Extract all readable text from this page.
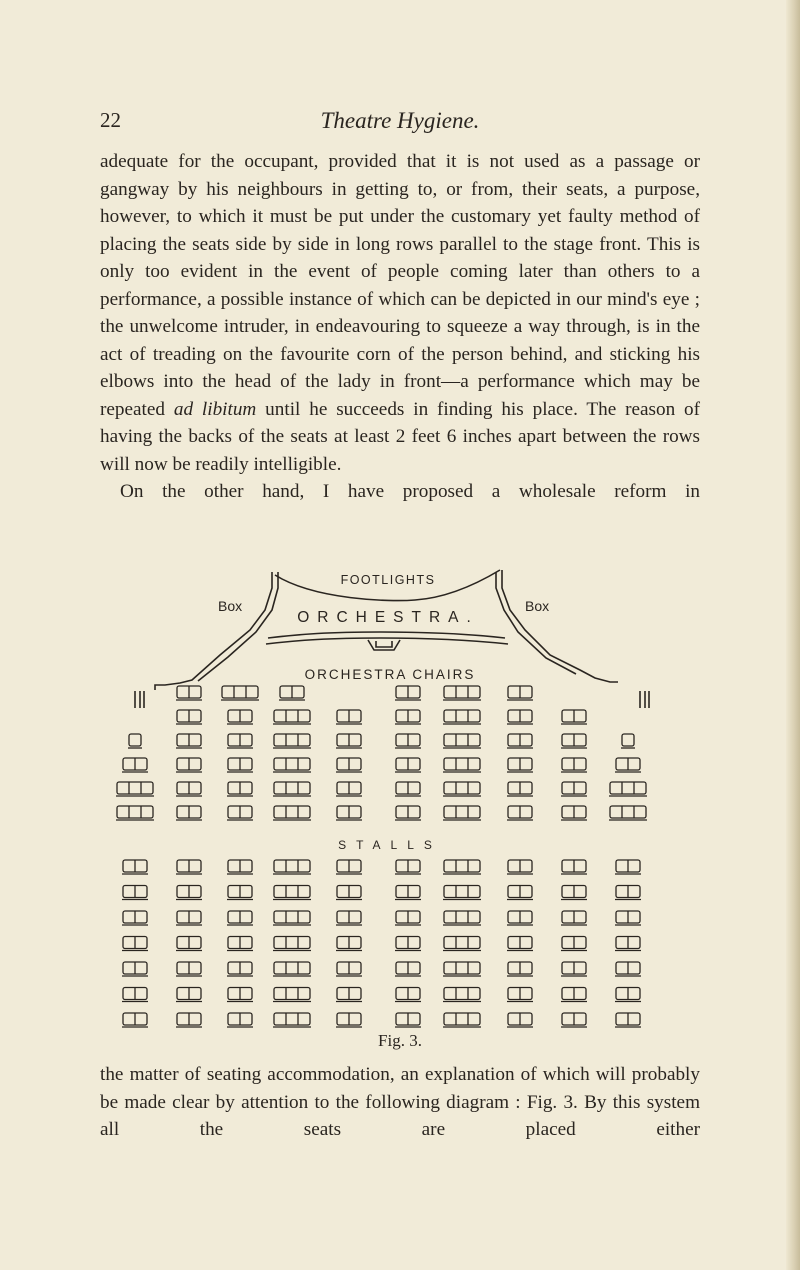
22	Theatre Hygiene.

adequate for the occupant, provided that it is not used as a passage or gangway by his neighbours in getting to, or from, their seats, a purpose, however, to which it must be put under the customary yet faulty method of placing the seats side by side in long rows parallel to the stage front. This is only too evident in the event of people coming later than others to a performance, a possible instance of which can be depicted in our mind's eye ; the unwelcome intruder, in endeavouring to squeeze a way through, is in the act of treading on the favourite corn of the person behind, and sticking his elbows into the head of the lady in front—a performance which may be repeated ad libitum until he succeeds in finding his place. The reason of having the backs of the seats at least 2 feet 6 inches apart between the rows will now be readily intelligible.

On the other hand, I have proposed a wholesale reform in

FOOTLIGHTS
ORCHESTRA.
Box	Box
ORCHESTRA CHAIRS
STALLS
Fig. 3.

the matter of seating accommodation, an explanation of which will probably be made clear by attention to the following diagram : Fig. 3. By this system all the seats are placed either
